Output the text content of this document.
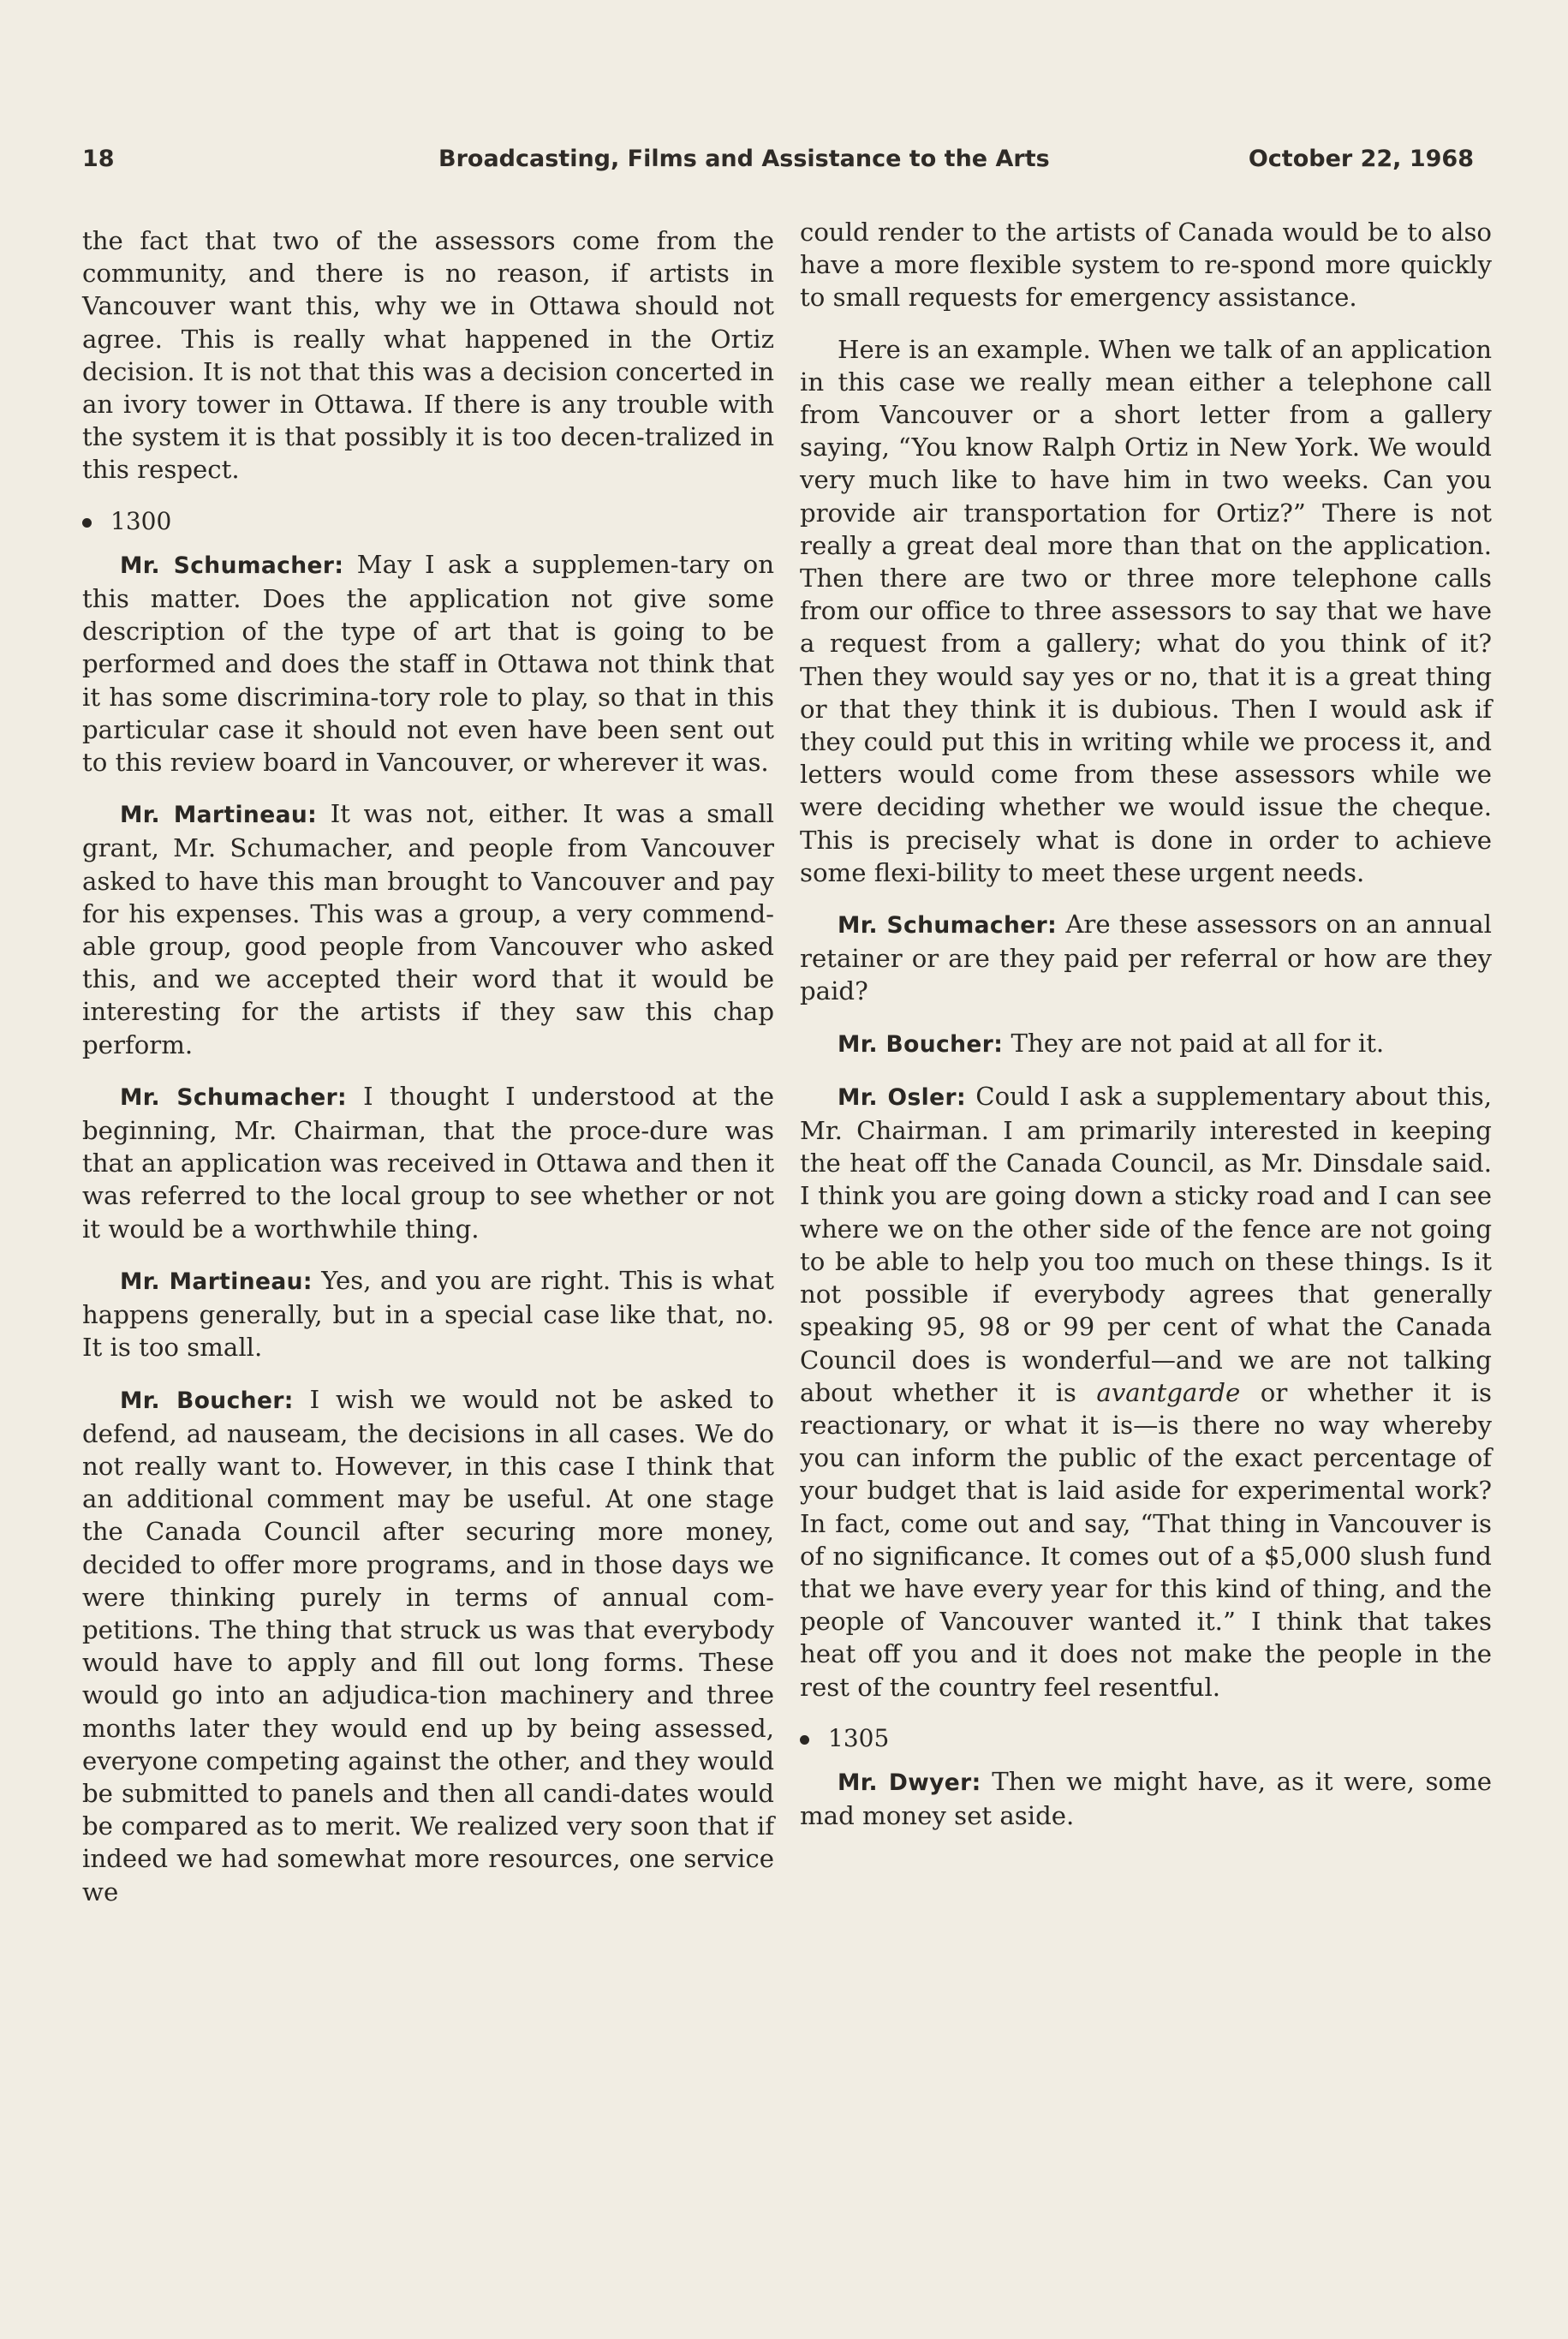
18	Broadcasting, Films and Assistance to the Arts	October 22, 1968

the fact that two of the assessors come from the community, and there is no reason, if artists in Vancouver want this, why we in Ottawa should not agree. This is really what happened in the Ortiz decision. It is not that this was a decision concerted in an ivory tower in Ottawa. If there is any trouble with the system it is that possibly it is too decen-tralized in this respect.

1300

Mr. Schumacher: May I ask a supplemen-tary on this matter. Does the application not give some description of the type of art that is going to be performed and does the staff in Ottawa not think that it has some discrimina-tory role to play, so that in this particular case it should not even have been sent out to this review board in Vancouver, or wherever it was.

Mr. Martineau: It was not, either. It was a small grant, Mr. Schumacher, and people from Vancouver asked to have this man brought to Vancouver and pay for his expenses. This was a group, a very commend-able group, good people from Vancouver who asked this, and we accepted their word that it would be interesting for the artists if they saw this chap perform.

Mr. Schumacher: I thought I understood at the beginning, Mr. Chairman, that the proce-dure was that an application was received in Ottawa and then it was referred to the local group to see whether or not it would be a worthwhile thing.

Mr. Martineau: Yes, and you are right. This is what happens generally, but in a special case like that, no. It is too small.

Mr. Boucher: I wish we would not be asked to defend, ad nauseam, the decisions in all cases. We do not really want to. However, in this case I think that an additional comment may be useful. At one stage the Canada Council after securing more money, decided to offer more programs, and in those days we were thinking purely in terms of annual com-petitions. The thing that struck us was that everybody would have to apply and fill out long forms. These would go into an adjudica-tion machinery and three months later they would end up by being assessed, everyone competing against the other, and they would be submitted to panels and then all candi-dates would be compared as to merit. We realized very soon that if indeed we had somewhat more resources, one service we

could render to the artists of Canada would be to also have a more flexible system to re-spond more quickly to small requests for emergency assistance.

Here is an example. When we talk of an application in this case we really mean either a telephone call from Vancouver or a short letter from a gallery saying, “You know Ralph Ortiz in New York. We would very much like to have him in two weeks. Can you provide air transportation for Ortiz?” There is not really a great deal more than that on the application. Then there are two or three more telephone calls from our office to three assessors to say that we have a request from a gallery; what do you think of it? Then they would say yes or no, that it is a great thing or that they think it is dubious. Then I would ask if they could put this in writing while we process it, and letters would come from these assessors while we were deciding whether we would issue the cheque. This is precisely what is done in order to achieve some flexi-bility to meet these urgent needs.

Mr. Schumacher: Are these assessors on an annual retainer or are they paid per referral or how are they paid?

Mr. Boucher: They are not paid at all for it.

Mr. Osler: Could I ask a supplementary about this, Mr. Chairman. I am primarily interested in keeping the heat off the Canada Council, as Mr. Dinsdale said. I think you are going down a sticky road and I can see where we on the other side of the fence are not going to be able to help you too much on these things. Is it not possible if everybody agrees that generally speaking 95, 98 or 99 per cent of what the Canada Council does is wonderful—and we are not talking about whether it is avantgarde or whether it is reactionary, or what it is—is there no way whereby you can inform the public of the exact percentage of your budget that is laid aside for experimental work? In fact, come out and say, “That thing in Vancouver is of no significance. It comes out of a $5,000 slush fund that we have every year for this kind of thing, and the people of Vancouver wanted it.” I think that takes heat off you and it does not make the people in the rest of the country feel resentful.

1305

Mr. Dwyer: Then we might have, as it were, some mad money set aside.
